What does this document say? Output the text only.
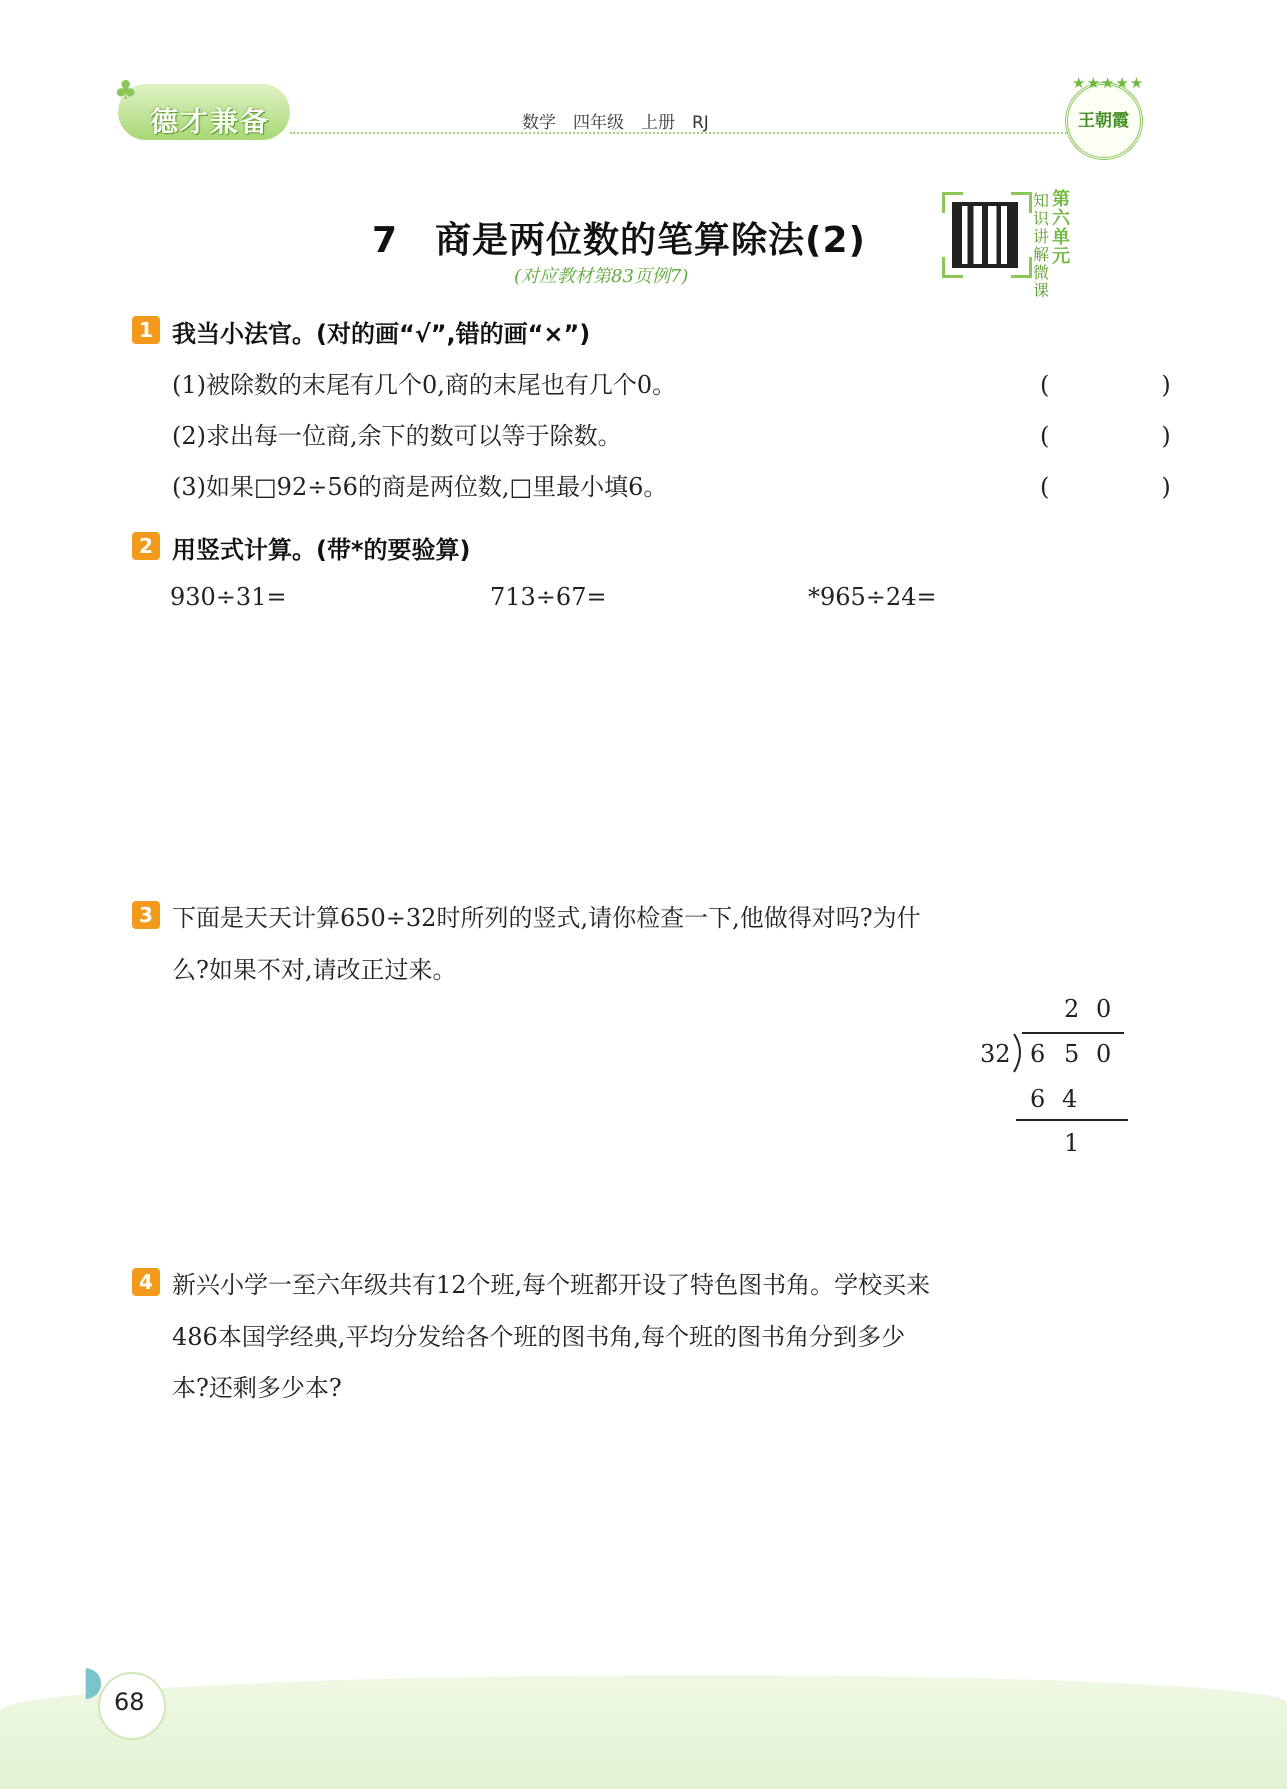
♣
德才兼备	数学　四年级　上册　RJ
★★★★★
王朝霞
7　商是两位数的笔算除法(2)
(对应教材第83页例7)
知
识
讲
解
微
课
第
六
单
元
1 我当小法官。(对的画“√”,错的画“×”)
(1)被除数的末尾有几个0,商的末尾也有几个0。	(　)
(2)求出每一位商,余下的数可以等于除数。	(　)
(3)如果□92÷56的商是两位数,□里最小填6。	(　)
2 用竖式计算。(带*的要验算)
930÷31=	713÷67=	*965÷24=
3 下面是天天计算650÷32时所列的竖式,请你检查一下,他做得对吗?为什
么?如果不对,请改正过来。
2 0
32 6 5 0
6 4
1
4 新兴小学一至六年级共有12个班,每个班都开设了特色图书角。学校买来
486本国学经典,平均分发给各个班的图书角,每个班的图书角分到多少
本?还剩多少本?
◗ 68
